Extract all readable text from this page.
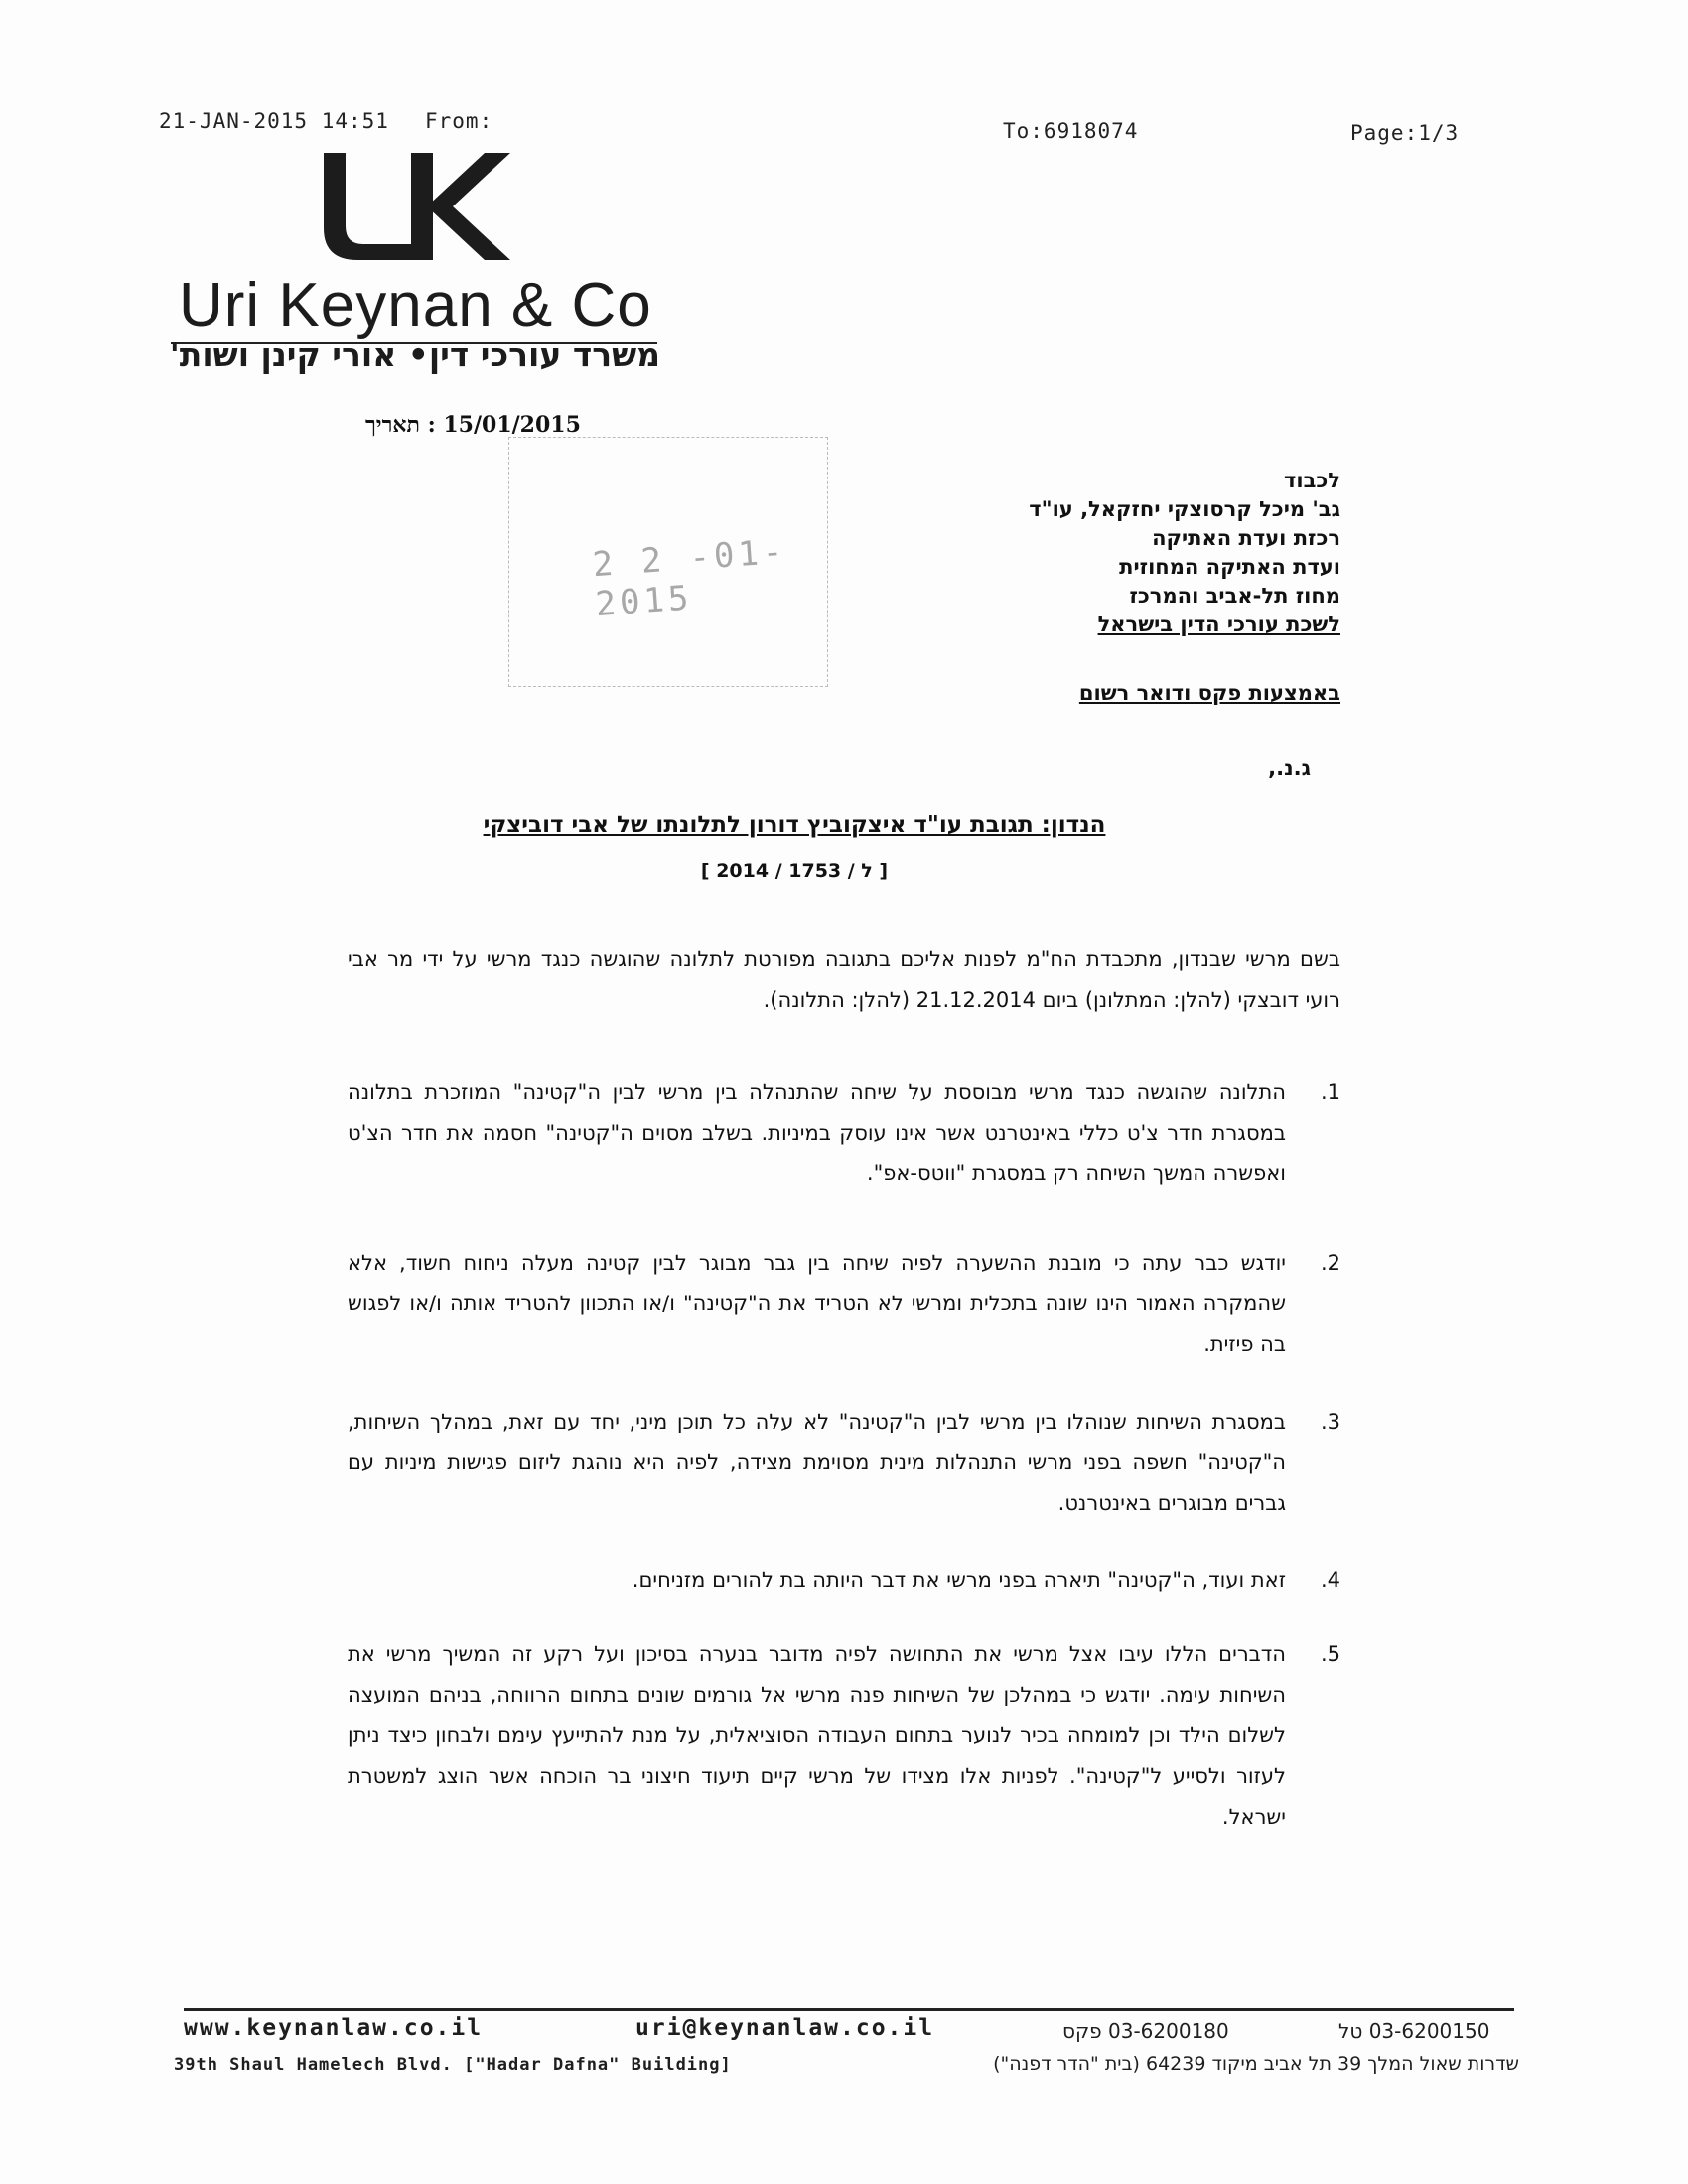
21-JAN-2015 14:51 From:	To:6918074	Page:1/3
Uri Keynan & Co
משרד עורכי דין• אורי קינן ושות'
15/01/2015 : תאריך
2 2 -01- 2015
לכבוד
גב' מיכל קרסוצקי יחזקאל, עו"ד
רכזת ועדת האתיקה
ועדת האתיקה המחוזית
מחוז תל-אביב והמרכז
לשכת עורכי הדין בישראל
באמצעות פקס ודואר רשום
ג.נ.,
הנדון: תגובת עו"ד איצקוביץ דורון לתלונתו של אבי דוביצקי
[ ל / 1753 / 2014 ]
בשם מרשי שבנדון, מתכבדת הח"מ לפנות אליכם בתגובה מפורטת לתלונה שהוגשה כנגד מרשי על ידי מר אבי רועי דובצקי (להלן: המתלונן) ביום 21.12.2014 (להלן: התלונה).
1.
התלונה שהוגשה כנגד מרשי מבוססת על שיחה שהתנהלה בין מרשי לבין ה"קטינה" המוזכרת בתלונה במסגרת חדר צ'ט כללי באינטרנט אשר אינו עוסק במיניות. בשלב מסוים ה"קטינה" חסמה את חדר הצ'ט ואפשרה המשך השיחה רק במסגרת "ווטס-אפ".
2.
יודגש כבר עתה כי מובנת ההשערה לפיה שיחה בין גבר מבוגר לבין קטינה מעלה ניחוח חשוד, אלא שהמקרה האמור הינו שונה בתכלית ומרשי לא הטריד את ה"קטינה" ו/או התכוון להטריד אותה ו/או לפגוש בה פיזית.
3.
במסגרת השיחות שנוהלו בין מרשי לבין ה"קטינה" לא עלה כל תוכן מיני, יחד עם זאת, במהלך השיחות, ה"קטינה" חשפה בפני מרשי התנהלות מינית מסוימת מצידה, לפיה היא נוהגת ליזום פגישות מיניות עם גברים מבוגרים באינטרנט.
4.
זאת ועוד, ה"קטינה" תיארה בפני מרשי את דבר היותה בת להורים מזניחים.
5.
הדברים הללו עיבו אצל מרשי את התחושה לפיה מדובר בנערה בסיכון ועל רקע זה המשיך מרשי את השיחות עימה. יודגש כי במהלכן של השיחות פנה מרשי אל גורמים שונים בתחום הרווחה, בניהם המועצה לשלום הילד וכן למומחה בכיר לנוער בתחום העבודה הסוציאלית, על מנת להתייעץ עימם ולבחון כיצד ניתן לעזור ולסייע ל"קטינה". לפניות אלו מצידו של מרשי קיים תיעוד חיצוני בר הוכחה אשר הוצג למשטרת ישראל.
www.keynanlaw.co.il	uri@keynanlaw.co.il	03-6200180 פקס	03-6200150 טל
39th Shaul Hamelech Blvd. ["Hadar Dafna" Building]	שדרות שאול המלך 39 תל אביב מיקוד 64239 (בית "הדר דפנה")
